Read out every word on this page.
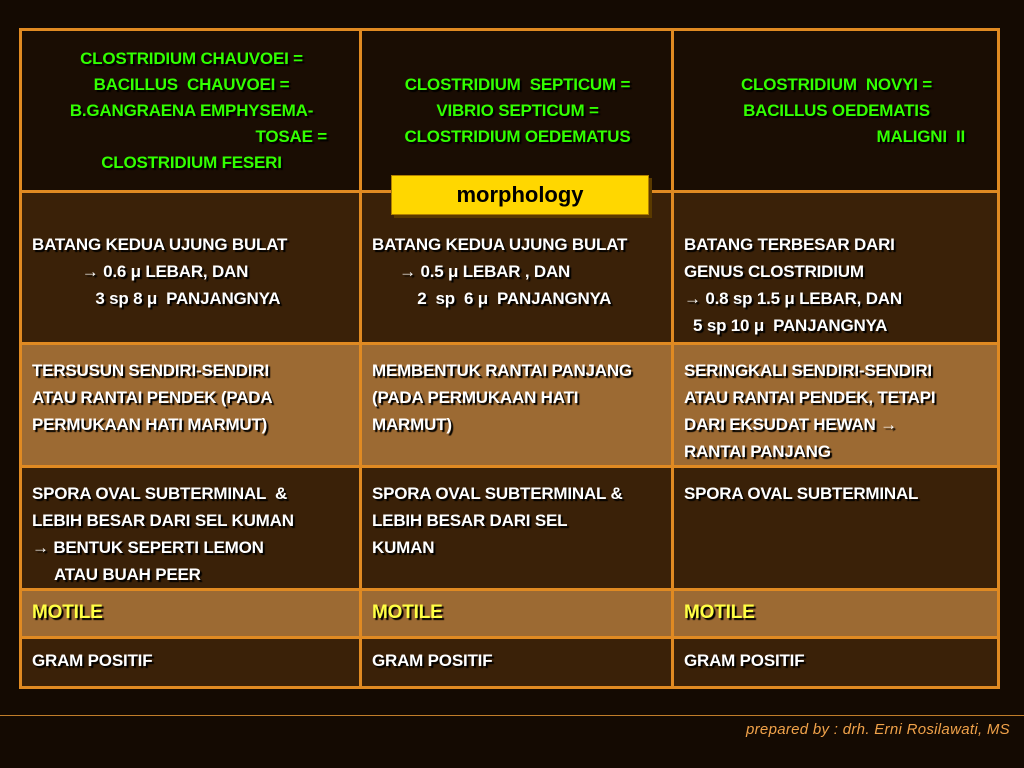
CLOSTRIDIUM CHAUVOEI =
BACILLUS  CHAUVOEI =
B.GANGRAENA EMPHYSEMA-
TOSAE =
CLOSTRIDIUM FESERI	CLOSTRIDIUM  SEPTICUM =
VIBRIO SEPTICUM =
CLOSTRIDIUM OEDEMATUS	CLOSTRIDIUM  NOVYI =
BACILLUS OEDEMATIS
MALIGNI  II

BATANG KEDUA UJUNG BULAT
→ 0.6 μ LEBAR, DAN
3 sp 8 μ  PANJANGNYA	BATANG KEDUA UJUNG BULAT
→ 0.5 μ LEBAR , DAN
2  sp  6 μ  PANJANGNYA	BATANG TERBESAR DARI
GENUS CLOSTRIDIUM
→ 0.8 sp 1.5 μ LEBAR, DAN
5 sp 10 μ  PANJANGNYA

TERSUSUN SENDIRI-SENDIRI
ATAU RANTAI PENDEK (PADA
PERMUKAAN HATI MARMUT)	MEMBENTUK RANTAI PANJANG
(PADA PERMUKAAN HATI
MARMUT)	SERINGKALI SENDIRI-SENDIRI
ATAU RANTAI PENDEK, TETAPI
DARI EKSUDAT HEWAN →
RANTAI PANJANG

SPORA OVAL SUBTERMINAL  &
LEBIH BESAR DARI SEL KUMAN
→ BENTUK SEPERTI LEMON
ATAU BUAH PEER	SPORA OVAL SUBTERMINAL &
LEBIH BESAR DARI SEL
KUMAN	SPORA OVAL SUBTERMINAL

MOTILE	MOTILE	MOTILE

GRAM POSITIF	GRAM POSITIF	GRAM POSITIF
morphology
prepared by : drh. Erni Rosilawati, MS
